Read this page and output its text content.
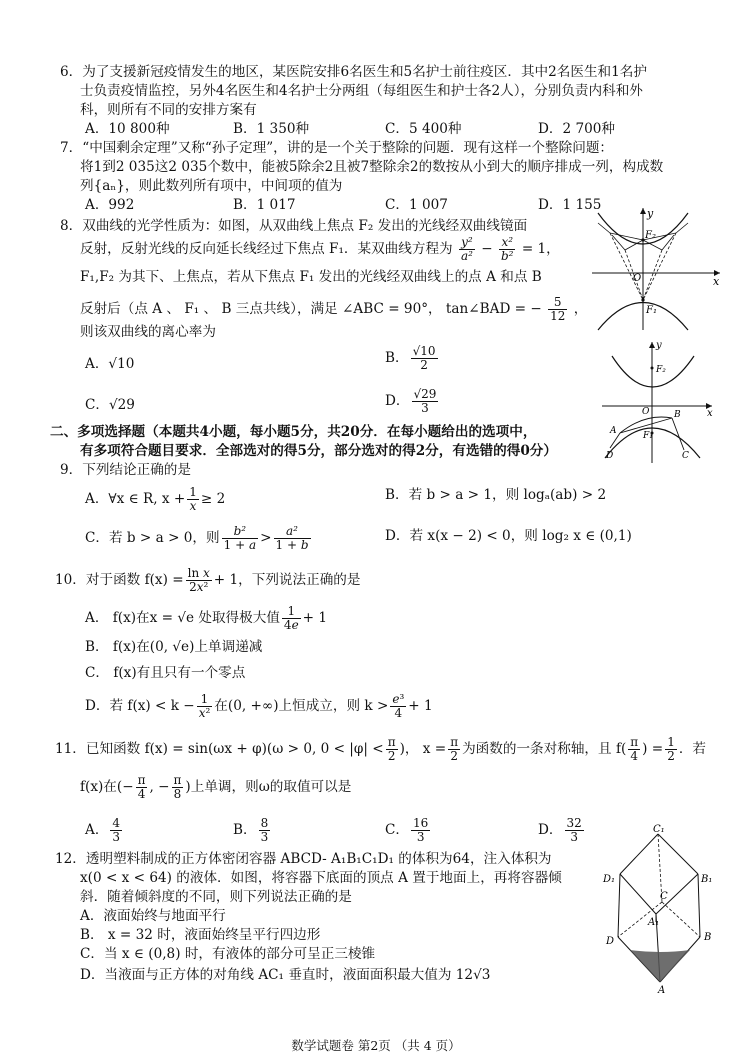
6．为了支援新冠疫情发生的地区，某医院安排6名医生和5名护士前往疫区．其中2名医生和1名护
士负责疫情监控，另外4名医生和4名护士分两组（每组医生和护士各2人），分别负责内科和外
科，则所有不同的安排方案有
A．10 800种	B．1 350种	C．5 400种	D．2 700种
7．“中国剩余定理”又称“孙子定理”，讲的是一个关于整除的问题．现有这样一个整除问题：
将1到2 035这2 035个数中，能被5除余2且被7整除余2的数按从小到大的顺序排成一列，构成数
列{aₙ}，则此数列所有项中，中间项的值为
A．992	B．1 017	C．1 007	D．1 155
8．双曲线的光学性质为：如图，从双曲线上焦点 F₂ 发出的光线经双曲线镜面
反射，反射光线的反向延长线经过下焦点 F₁．某双曲线方程为 $\frac{\text{y²}}{\text{a²}} - \frac{\text{x²}}{\text{b²}} = 1$，
F₁,F₂ 为其下、上焦点，若从下焦点 F₁ 发出的光线经双曲线上的点 A 和点 B
反射后（点 A 、 F₁ 、 B 三点共线），满足 ∠ABC = 90°， tan∠BAD = − $\frac{5}{12}$ ，
则该双曲线的离心率为
A．√10	B． $\frac{√10}{2}$
C．√29	D． $\frac{√29}{3}$
二、多项选择题（本题共4小题，每小题5分，共20分．在每小题给出的选项中，
有多项符合题目要求．全部选对的得5分，部分选对的得2分，有选错的得0分）
9．下列结论正确的是
A．∀x ∈ R, $x + \frac{1}{x} \ge 2$	B．若 b > a > 1，则 logₐ(ab) > 2
C．若 b > a > 0，则 $\frac{\text{b²}}{1 + a} > \frac{\text{a²}}{1 + b}$	D．若 x(x − 2) < 0，则 log₂ x ∈ (0,1)
10．对于函数 $f(x) = \frac{\text{ln x}}{\text{2x²}} + 1$，下列说法正确的是
A． f(x)在x = √e 处取得极大值 $\frac{1}{4e} + 1$
B． f(x)在(0, √e)上单调递减
C． f(x)有且只有一个零点
D．若 $f(x) < k - \frac{1}{\text{x²}}$ 在(0, +∞)上恒成立，则 $k > \frac{\text{e³}}{4} + 1$
11．已知函数 f(x) = sin(ωx + φ)(ω > 0, $0 < |\varphi| < \frac{\pi}{2}$ )， $x = \frac{\pi}{2}$ 为函数的一条对称轴，且 $f( \frac{\pi}{4}$ ) = $\frac{1}{2}$ ．若
f(x)在(− $\frac{\pi}{4}$ , − $\frac{\pi}{8}$ )上单调，则ω的取值可以是
A． $\frac{4}{3}$	B． $\frac{8}{3}$	C． $\frac{16}{3}$	D． $\frac{32}{3}$
12．透明塑料制成的正方体密闭容器 ABCD- A₁B₁C₁D₁ 的体积为64，注入体积为
x(0 < x < 64) 的液体．如图，将容器下底面的顶点 A 置于地面上，再将容器倾
斜．随着倾斜度的不同，则下列说法正确的是
A．液面始终与地面平行
B． x = 32 时，液面始终呈平行四边形
C．当 x ∈ (0,8) 时，有液体的部分可呈正三棱锥
D．当液面与正方体的对角线 AC₁ 垂直时，液面面积最大值为 12√3
y
x
F₂
O
F₁
y
x
F₂
O
F₁
A
B
C
D
C₁
D₁	B₁
C
A₁
D	B
A
数学试题卷 第2页 （共 4 页）
